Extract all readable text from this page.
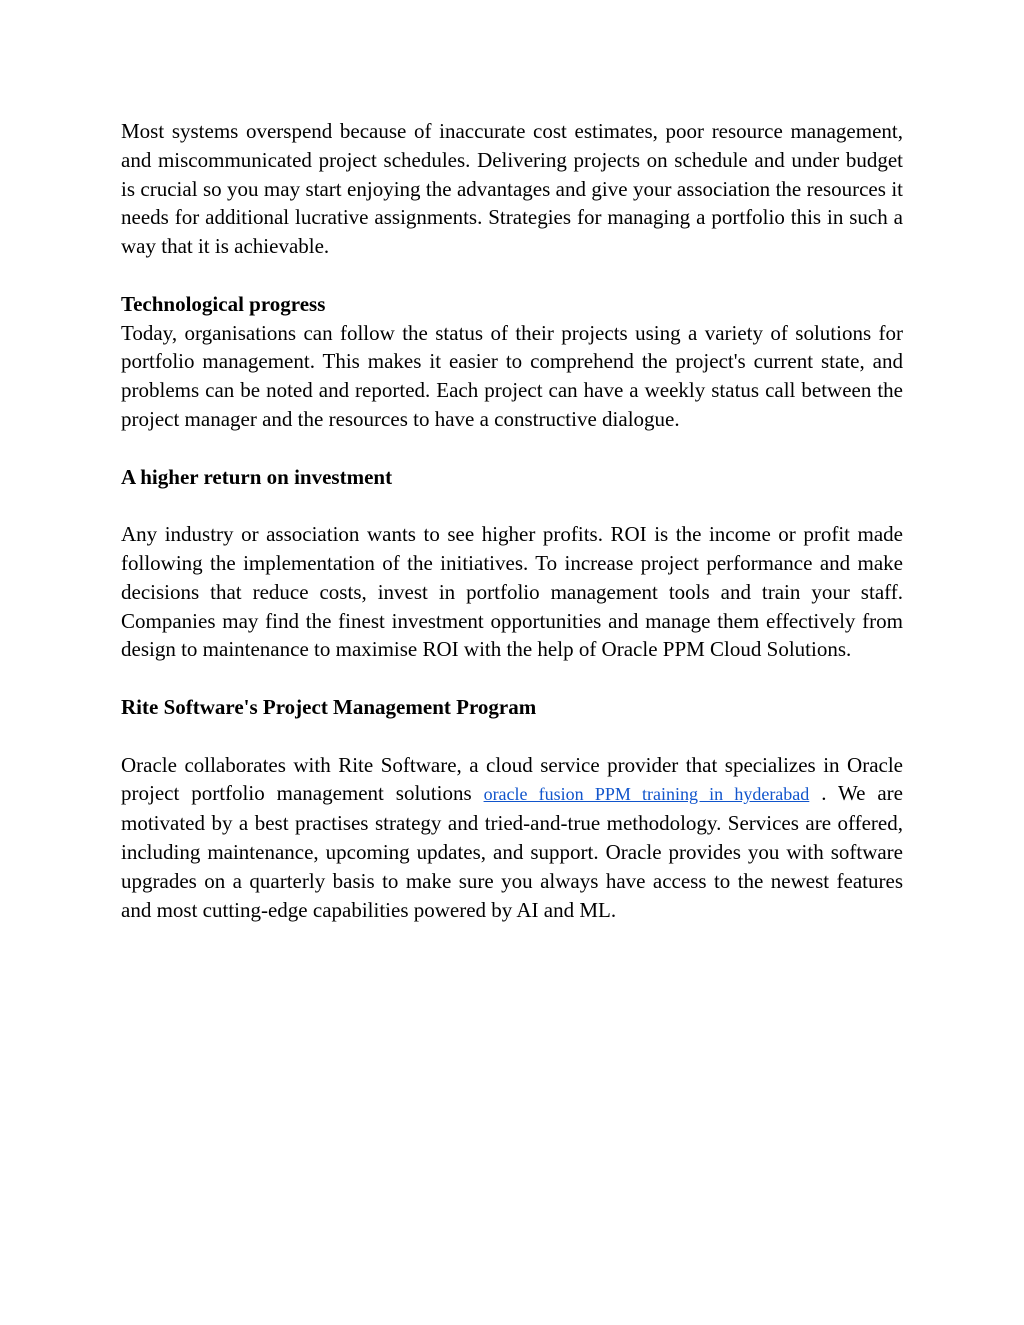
Most systems overspend because of inaccurate cost estimates, poor resource management, and miscommunicated project schedules. Delivering projects on schedule and under budget is crucial so you may start enjoying the advantages and give your association the resources it needs for additional lucrative assignments. Strategies for managing a portfolio this in such a way that it is achievable.

Technological progress

Today, organisations can follow the status of their projects using a variety of solutions for portfolio management. This makes it easier to comprehend the project's current state, and problems can be noted and reported. Each project can have a weekly status call between the project manager and the resources to have a constructive dialogue.

A higher return on investment

Any industry or association wants to see higher profits. ROI is the income or profit made following the implementation of the initiatives. To increase project performance and make decisions that reduce costs, invest in portfolio management tools and train your staff. Companies may find the finest investment opportunities and manage them effectively from design to maintenance to maximise ROI with the help of Oracle PPM Cloud Solutions.

Rite Software's Project Management Program

Oracle collaborates with Rite Software, a cloud service provider that specializes in Oracle project portfolio management solutions oracle fusion PPM training in hyderabad . We are motivated by a best practises strategy and tried-and-true methodology. Services are offered, including maintenance, upcoming updates, and support. Oracle provides you with software upgrades on a quarterly basis to make sure you always have access to the newest features and most cutting-edge capabilities powered by AI and ML.
